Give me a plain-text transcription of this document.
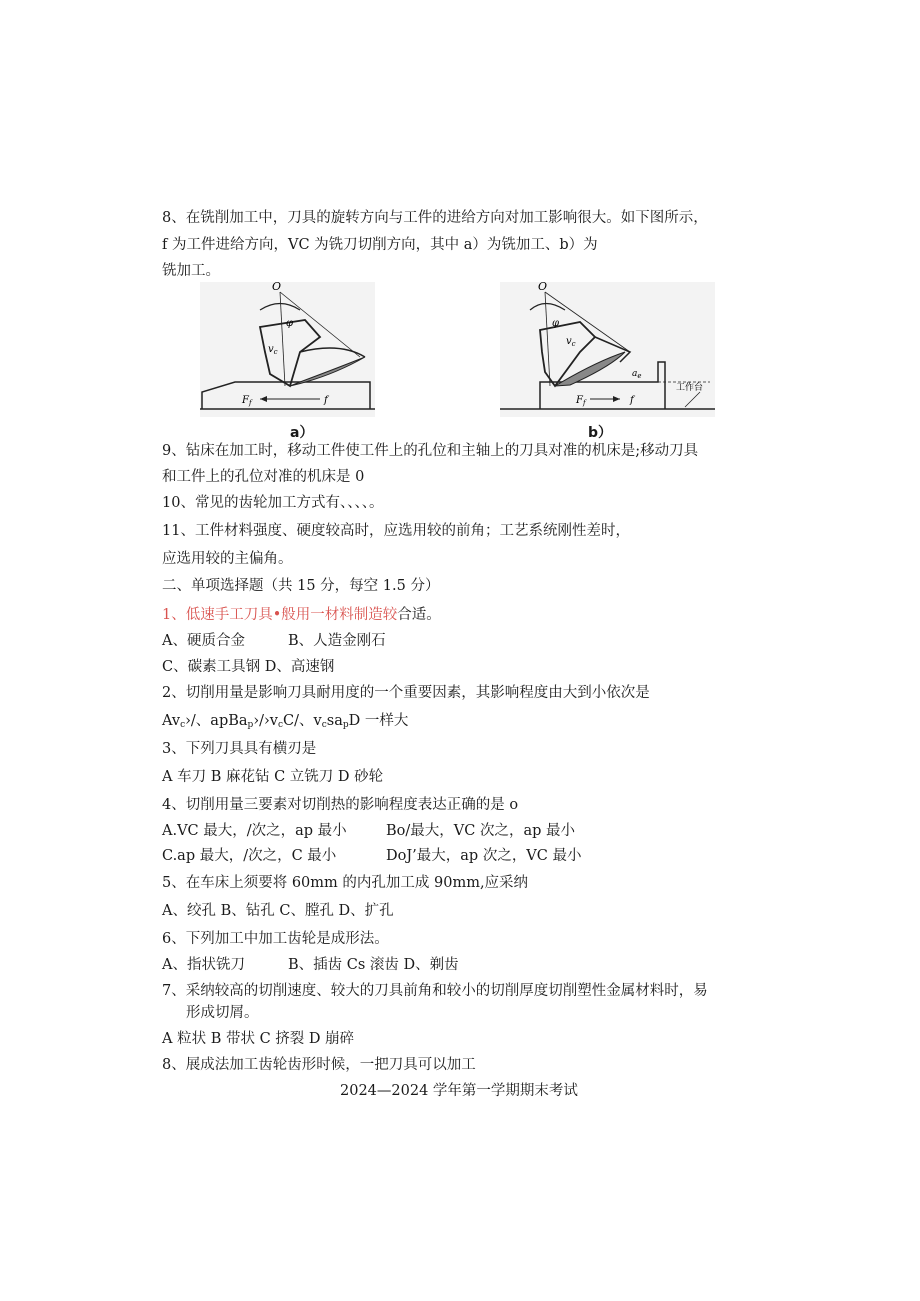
8、在铣削加工中，刀具的旋转方向与工件的进给方向对加工影响很大。如下图所示，
f 为工件进给方向，VC 为铣刀切削方向，其中 a）为铣加工、b）为
铣加工。
O
φ
$v_c$
$F_f$	f
a）
O
φ
$v_c$
$a_e$
$F_f$	f
工作台
b）
9、钻床在加工时，移动工件使工件上的孔位和主轴上的刀具对准的机床是;移动刀具
和工件上的孔位对准的机床是 0
10、常见的齿轮加工方式有、、、、。
11、工件材料强度、硬度较高时，应选用较的前角；工艺系统刚性差时，
应选用较的主偏角。
二、单项选择题（共 15 分，每空 1.5 分）
1、低速手工刀具•般用一材料制造较合适。
A、硬质合金	B、人造金刚石
C、碳素工具钢 D、高速钢
2、切削用量是影响刀具耐用度的一个重要因素，其影响程度由大到小依次是
$Av_c›/$、$apBa_p›/›v_cC/$、$v_csa_pD$ 一样大
3、下列刀具具有横刃是
A 车刀 B 麻花钻 C 立铣刀 D 砂轮
4、切削用量三要素对切削热的影响程度表达正确的是 o
A.VC 最大，/次之，ap 最小	Bo/最大，VC 次之，ap 最小
C.ap 最大，/次之，C 最小	DoJ’最大，ap 次之，VC 最小
5、在车床上须要将 60mm 的内孔加工成 90mm,应采纳
A、绞孔 B、钻孔 C、膛孔 D、扩孔
6、下列加工中加工齿轮是成形法。
A、指状铣刀	B、插齿 Cs 滚齿 D、剃齿
7、采纳较高的切削速度、较大的刀具前角和较小的切削厚度切削塑性金属材料时，易
形成切屑。
A 粒状 B 带状 C 挤裂 D 崩碎
8、展成法加工齿轮齿形时候，一把刀具可以加工
2024—2024 学年第一学期期末考试
